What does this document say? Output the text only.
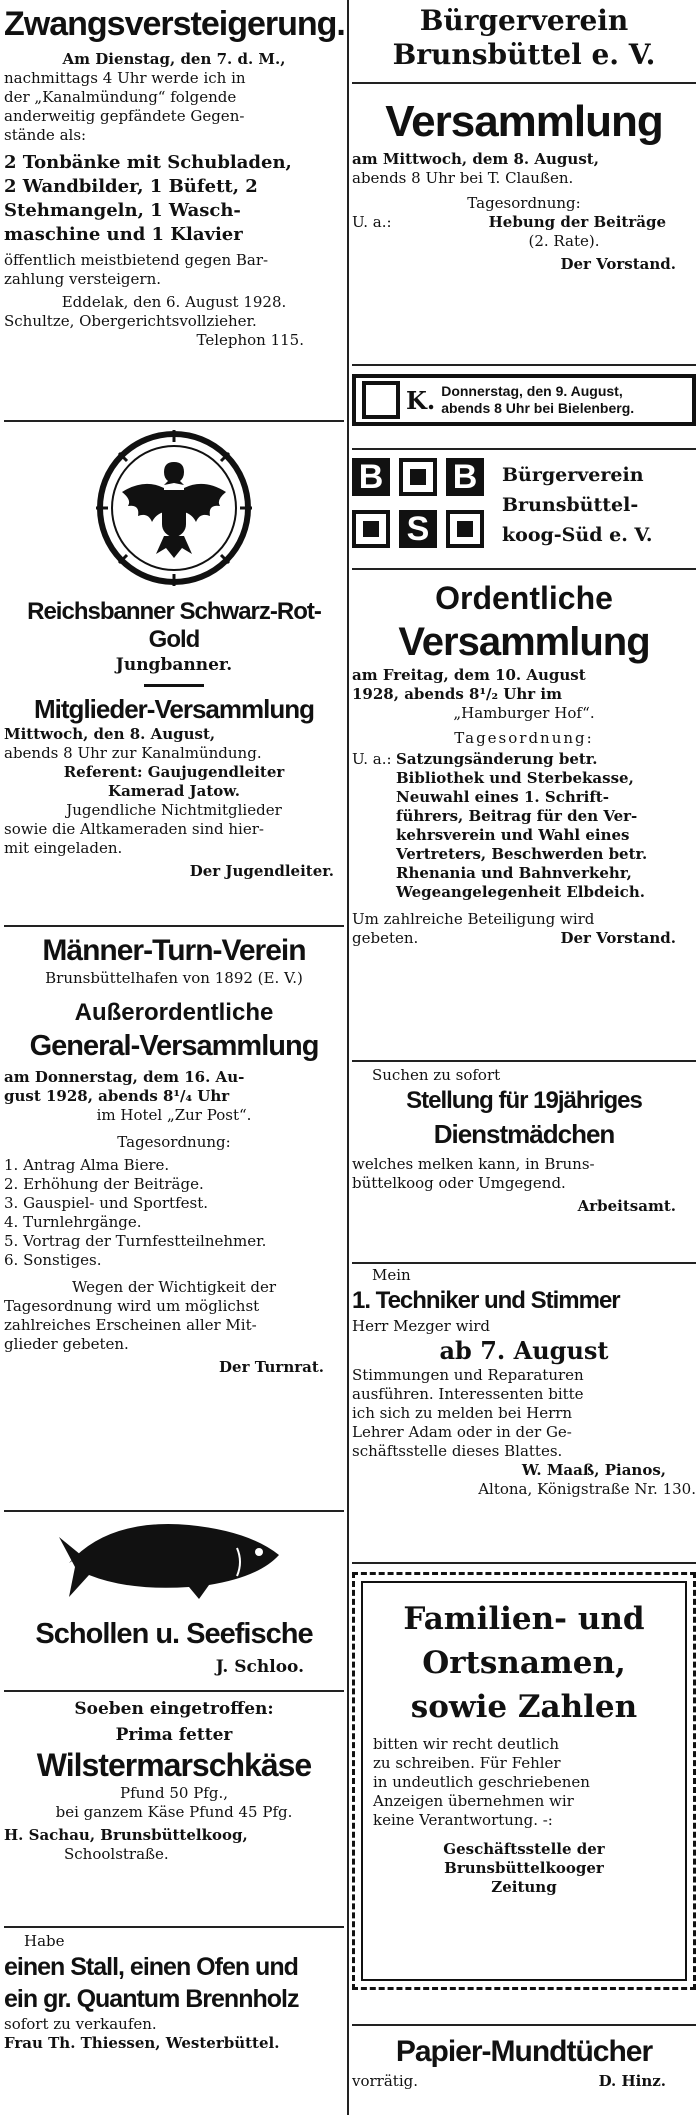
Zwangsversteigerung.

Am Dienstag, den 7. d. M.,

nachmittags 4 Uhr werde ich in

der „Kanalmündung“ folgende

anderweitig gepfändete Gegen-

stände als:

2 Tonbänke mit Schubladen,

2 Wandbilder, 1 Büfett, 2

Stehmangeln, 1 Wasch-

maschine und 1 Klavier

öffentlich meistbietend gegen Bar-

zahlung versteigern.

Eddelak, den 6. August 1928.

Schultze, Obergerichtsvollzieher.

Telephon 115.

Reichsbanner Schwarz-Rot-Gold

Jungbanner.

Mitglieder-Versammlung

Mittwoch, den 8. August,

abends 8 Uhr zur Kanalmündung.

Referent: Gaujugendleiter

Kamerad Jatow.

Jugendliche Nichtmitglieder

sowie die Altkameraden sind hier-

mit eingeladen.

Der Jugendleiter.

Männer-Turn-Verein

Brunsbüttelhafen von 1892 (E. V.)

Außerordentliche

General-Versammlung

am Donnerstag, dem 16. Au-

gust 1928, abends 8¹/₄ Uhr

im Hotel „Zur Post“.

Tagesordnung:

1. Antrag Alma Biere.
2. Erhöhung der Beiträge.
3. Gauspiel- und Sportfest.
4. Turnlehrgänge.
5. Vortrag der Turnfestteilnehmer.
6. Sonstiges.

Wegen der Wichtigkeit der

Tagesordnung wird um möglichst

zahlreiches Erscheinen aller Mit-

glieder gebeten.

Der Turnrat.

Schollen u. Seefische

J. Schloo.

Soeben eingetroffen:

Prima fetter

Wilstermarschkäse

Pfund 50 Pfg.,

bei ganzem Käse Pfund 45 Pfg.

H. Sachau, Brunsbüttelkoog,

Schoolstraße.

Habe

einen Stall, einen Ofen und

ein gr. Quantum Brennholz

sofort zu verkaufen.

Frau Th. Thiessen, Westerbüttel.

Bürgerverein

Brunsbüttel e. V.

Versammlung

am Mittwoch, dem 8. August,

abends 8 Uhr bei T. Claußen.

Tagesordnung:

U. a.:	Hebung der Beiträge

(2. Rate).

Der Vorstand.

K. Donnerstag, den 9. August,

abends 8 Uhr bei Bielenberg.

B B
S

Bürgerverein

Brunsbüttel-

koog-Süd e. V.

Ordentliche

Versammlung

am Freitag, dem 10. August

1928, abends 8¹/₂ Uhr im

„Hamburger Hof“.

Tagesordnung:

U. a.: Satzungsänderung betr.

Bibliothek und Sterbekasse,

Neuwahl eines 1. Schrift-

führers, Beitrag für den Ver-

kehrsverein und Wahl eines

Vertreters, Beschwerden betr.

Rhenania und Bahnverkehr,

Wegeangelegenheit Elbdeich.

Um zahlreiche Beteiligung wird

gebeten.	Der Vorstand.

Suchen zu sofort

Stellung für 19jähriges

Dienstmädchen

welches melken kann, in Bruns-

büttelkoog oder Umgegend.

Arbeitsamt.

Mein

1. Techniker und Stimmer

Herr Mezger wird

ab 7. August

Stimmungen und Reparaturen

ausführen. Interessenten bitte

ich sich zu melden bei Herrn

Lehrer Adam oder in der Ge-

schäftsstelle dieses Blattes.

W. Maaß, Pianos,

Altona, Königstraße Nr. 130.

Familien- und

Ortsnamen,

sowie Zahlen

bitten wir recht deutlich

zu schreiben. Für Fehler

in undeutlich geschriebenen

Anzeigen übernehmen wir

keine Verantwortung. -:

Geschäftsstelle der

Brunsbüttelkooger

Zeitung

Papier-Mundtücher

vorrätig.	D. Hinz.
